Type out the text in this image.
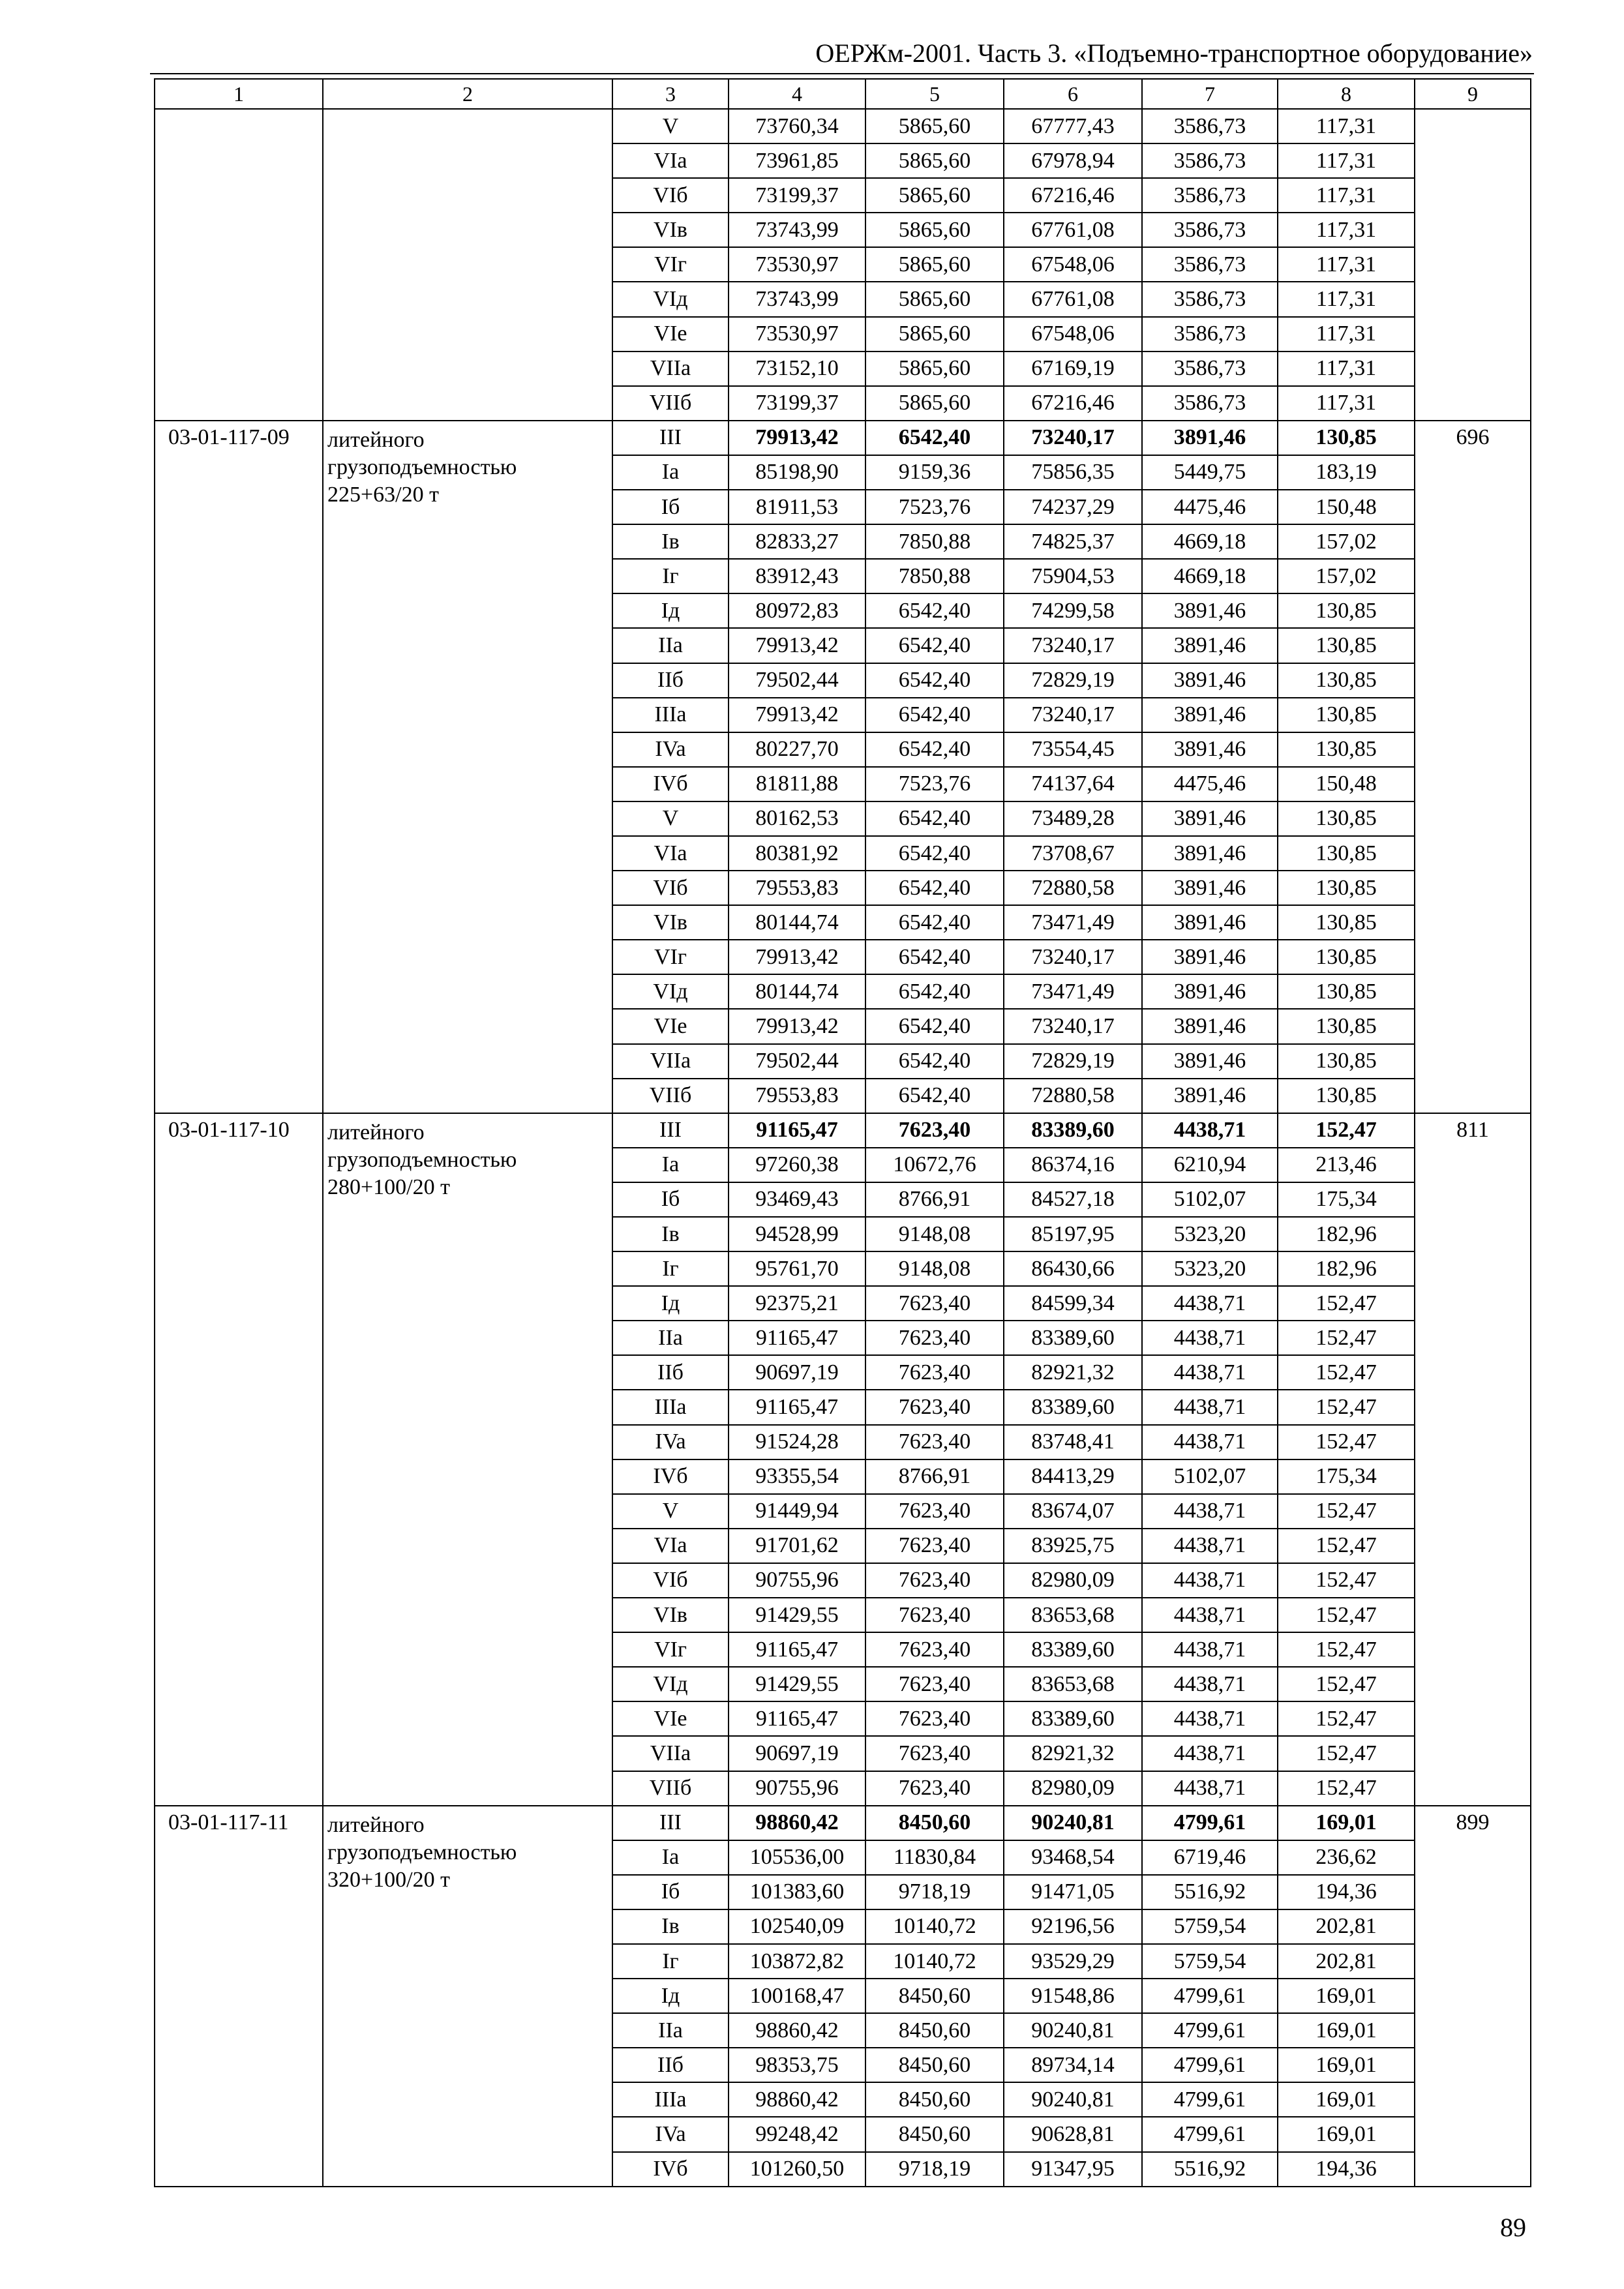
ОЕРЖм-2001. Часть 3. «Подъемно-транспортное оборудование»
1	2	3	4	5	6	7	8	9
		V	73760,34	5865,60	67777,43	3586,73	117,31	
		VIa	73961,85	5865,60	67978,94	3586,73	117,31	
		VIб	73199,37	5865,60	67216,46	3586,73	117,31	
		VIв	73743,99	5865,60	67761,08	3586,73	117,31	
		VIг	73530,97	5865,60	67548,06	3586,73	117,31	
		VIд	73743,99	5865,60	67761,08	3586,73	117,31	
		VIe	73530,97	5865,60	67548,06	3586,73	117,31	
		VIIa	73152,10	5865,60	67169,19	3586,73	117,31	
		VIIб	73199,37	5865,60	67216,46	3586,73	117,31	
03-01-117-09	литейного грузоподъемностью 225+63/20 т	III	79913,42	6542,40	73240,17	3891,46	130,85	696
		Ia	85198,90	9159,36	75856,35	5449,75	183,19	
		Iб	81911,53	7523,76	74237,29	4475,46	150,48	
		Iв	82833,27	7850,88	74825,37	4669,18	157,02	
		Iг	83912,43	7850,88	75904,53	4669,18	157,02	
		Iд	80972,83	6542,40	74299,58	3891,46	130,85	
		IIa	79913,42	6542,40	73240,17	3891,46	130,85	
		IIб	79502,44	6542,40	72829,19	3891,46	130,85	
		IIIa	79913,42	6542,40	73240,17	3891,46	130,85	
		IVa	80227,70	6542,40	73554,45	3891,46	130,85	
		IVб	81811,88	7523,76	74137,64	4475,46	150,48	
		V	80162,53	6542,40	73489,28	3891,46	130,85	
		VIa	80381,92	6542,40	73708,67	3891,46	130,85	
		VIб	79553,83	6542,40	72880,58	3891,46	130,85	
		VIв	80144,74	6542,40	73471,49	3891,46	130,85	
		VIг	79913,42	6542,40	73240,17	3891,46	130,85	
		VIд	80144,74	6542,40	73471,49	3891,46	130,85	
		VIe	79913,42	6542,40	73240,17	3891,46	130,85	
		VIIa	79502,44	6542,40	72829,19	3891,46	130,85	
		VIIб	79553,83	6542,40	72880,58	3891,46	130,85	
03-01-117-10	литейного грузоподъемностью 280+100/20 т	III	91165,47	7623,40	83389,60	4438,71	152,47	811
		Ia	97260,38	10672,76	86374,16	6210,94	213,46	
		Iб	93469,43	8766,91	84527,18	5102,07	175,34	
		Iв	94528,99	9148,08	85197,95	5323,20	182,96	
		Iг	95761,70	9148,08	86430,66	5323,20	182,96	
		Iд	92375,21	7623,40	84599,34	4438,71	152,47	
		IIa	91165,47	7623,40	83389,60	4438,71	152,47	
		IIб	90697,19	7623,40	82921,32	4438,71	152,47	
		IIIa	91165,47	7623,40	83389,60	4438,71	152,47	
		IVa	91524,28	7623,40	83748,41	4438,71	152,47	
		IVб	93355,54	8766,91	84413,29	5102,07	175,34	
		V	91449,94	7623,40	83674,07	4438,71	152,47	
		VIa	91701,62	7623,40	83925,75	4438,71	152,47	
		VIб	90755,96	7623,40	82980,09	4438,71	152,47	
		VIв	91429,55	7623,40	83653,68	4438,71	152,47	
		VIг	91165,47	7623,40	83389,60	4438,71	152,47	
		VIд	91429,55	7623,40	83653,68	4438,71	152,47	
		VIe	91165,47	7623,40	83389,60	4438,71	152,47	
		VIIa	90697,19	7623,40	82921,32	4438,71	152,47	
		VIIб	90755,96	7623,40	82980,09	4438,71	152,47	
03-01-117-11	литейного грузоподъемностью 320+100/20 т	III	98860,42	8450,60	90240,81	4799,61	169,01	899
		Ia	105536,00	11830,84	93468,54	6719,46	236,62	
		Iб	101383,60	9718,19	91471,05	5516,92	194,36	
		Iв	102540,09	10140,72	92196,56	5759,54	202,81	
		Iг	103872,82	10140,72	93529,29	5759,54	202,81	
		Iд	100168,47	8450,60	91548,86	4799,61	169,01	
		IIa	98860,42	8450,60	90240,81	4799,61	169,01	
		IIб	98353,75	8450,60	89734,14	4799,61	169,01	
		IIIa	98860,42	8450,60	90240,81	4799,61	169,01	
		IVa	99248,42	8450,60	90628,81	4799,61	169,01	
		IVб	101260,50	9718,19	91347,95	5516,92	194,36	
89
